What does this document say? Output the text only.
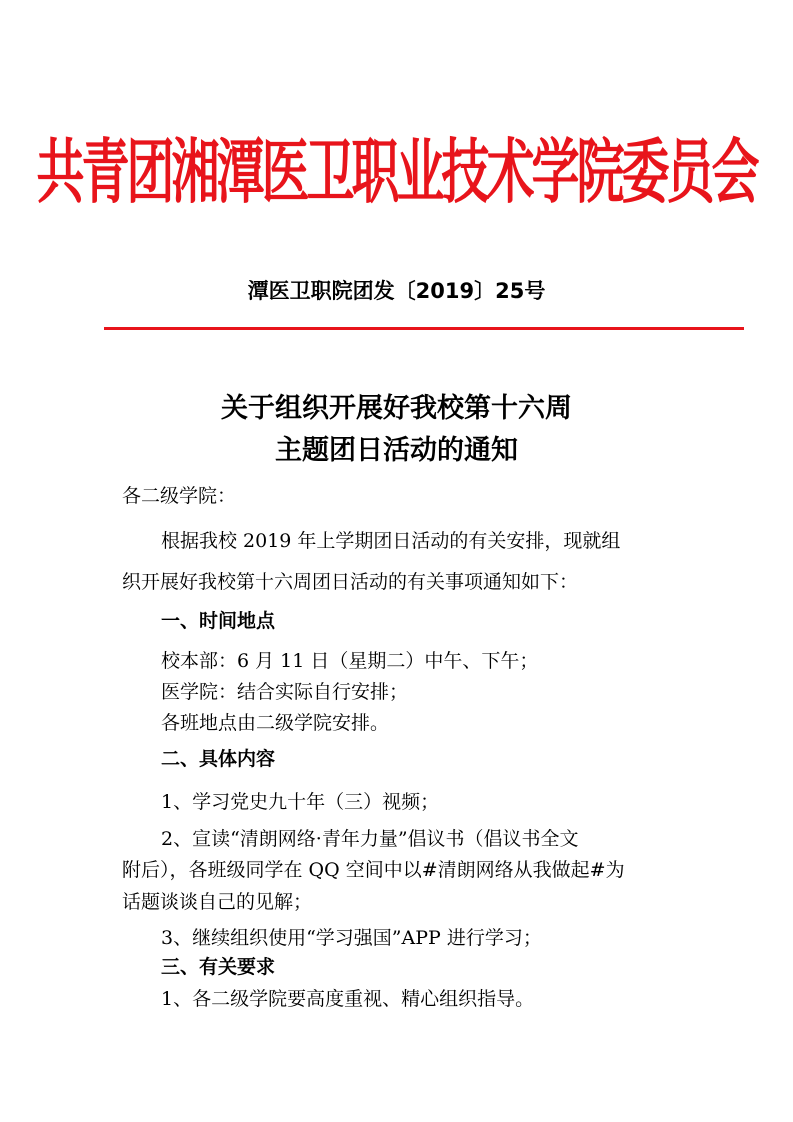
共青团湘潭医卫职业技术学院委员会
潭医卫职院团发〔2019〕25号
关于组织开展好我校第十六周
主题团日活动的通知
各二级学院：
根据我校 2019 年上学期团日活动的有关安排，现就组
织开展好我校第十六周团日活动的有关事项通知如下：
一、时间地点
校本部：6 月 11 日（星期二）中午、下午；
医学院：结合实际自行安排；
各班地点由二级学院安排。
二、具体内容
1、学习党史九十年（三）视频；
2、宣读“清朗网络·青年力量”倡议书（倡议书全文
附后），各班级同学在 QQ 空间中以#清朗网络从我做起#为
话题谈谈自己的见解；
3、继续组织使用“学习强国”APP 进行学习；
三、有关要求
1、各二级学院要高度重视、精心组织指导。
